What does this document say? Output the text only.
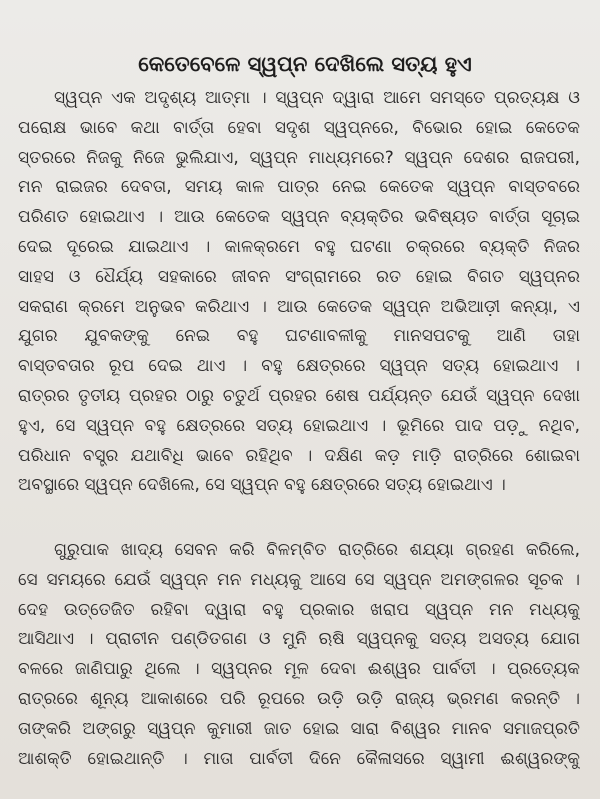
କେତେବେଳେ ସ୍ୱପ୍ନ ଦେଖିଲେ ସତ୍ୟ ହୁଏ
ସ୍ୱପ୍ନ ଏକ ଅଦୃଶ୍ୟ ଆତ୍ମା । ସ୍ୱପ୍ନ ଦ୍ୱାରା ଆମେ ସମସ୍ତେ ପ୍ରତ୍ୟକ୍ଷ ଓ
ପରୋକ୍ଷ ଭାବେ କଥା ବାର୍ତ୍ତା ହେବା ସଦୃଶ ସ୍ୱପ୍ନରେ, ବିଭୋର ହୋଇ କେତେକ
ସ୍ତରରେ ନିଜକୁ ନିଜେ ଭୁଲିଯାଏ, ସ୍ୱପ୍ନ ମାଧ୍ୟମରେ? ସ୍ୱପ୍ନ ଦେଶର ରାଜପରୀ,
ମନ ରାଇଜର ଦେବତା, ସମୟ କାଳ ପାତ୍ର ନେଇ କେତେକ ସ୍ୱପ୍ନ ବାସ୍ତବରେ
ପରିଣତ ହୋଇଥାଏ । ଆଉ କେତେକ ସ୍ୱପ୍ନ ବ୍ୟକ୍ତିର ଭବିଷ୍ୟତ ବାର୍ତ୍ତା ସୂଚାଇ
ଦେଇ ଦୂରେଇ ଯାଇଥାଏ । କାଳକ୍ରମେ ବହୁ ଘଟଣା ଚକ୍ରରେ ବ୍ୟକ୍ତି ନିଜର
ସାହସ ଓ ଧୈର୍ଯ୍ୟ ସହକାରେ ଜୀବନ ସଂଗ୍ରାମରେ ରତ ହୋଇ ବିଗତ ସ୍ୱପ୍ନର
ସକରାଣ କ୍ରମେ ଅନୁଭବ କରିଥାଏ । ଆଉ କେତେକ ସ୍ୱପ୍ନ ଅଭିଆଡ଼ୀ କନ୍ୟା, ଏ
ଯୁଗର ଯୁବକଙ୍କୁ ନେଇ ବହୁ ଘଟଣାବଳୀକୁ ମାନସପଟକୁ ଆଣି ତାହା
ବାସ୍ତବତାର ରୂପ ଦେଇ ଥାଏ । ବହୁ କ୍ଷେତ୍ରରେ ସ୍ୱପ୍ନ ସତ୍ୟ ହୋଇଥାଏ ।
ରାତ୍ରର ତୃତୀୟ ପ୍ରହର ଠାରୁ ଚତୁର୍ଥ ପ୍ରହର ଶେଷ ପର୍ଯ୍ୟନ୍ତ ଯେଉଁ ସ୍ୱପ୍ନ ଦେଖା
ହୁଏ, ସେ ସ୍ୱପ୍ନ ବହୁ କ୍ଷେତ୍ରରେ ସତ୍ୟ ହୋଇଥାଏ । ଭୂମିରେ ପାଦ ପଡ଼ୁ ନଥିବ,
ପରିଧାନ ବସ୍ତ୍ର ଯଥାବିଧି ଭାବେ ରହିଥିବ । ଦକ୍ଷିଣ କଡ଼ ମାଡ଼ି ରାତ୍ରିରେ ଶୋଇବା
ଅବସ୍ଥାରେ ସ୍ୱପ୍ନ ଦେଖିଲେ, ସେ ସ୍ୱପ୍ନ ବହୁ କ୍ଷେତ୍ରରେ ସତ୍ୟ ହୋଇଥାଏ ।
ଗୁରୁପାକ ଖାଦ୍ୟ ସେବନ କରି ବିଳମ୍ବିତ ରାତ୍ରିରେ ଶଯ୍ୟା ଗ୍ରହଣ କରିଲେ,
ସେ ସମୟରେ ଯେଉଁ ସ୍ୱପ୍ନ ମନ ମଧ୍ୟକୁ ଆସେ ସେ ସ୍ୱପ୍ନ ଅମଙ୍ଗଳର ସୂଚକ ।
ଦେହ ଉତ୍ତେଜିତ ରହିବା ଦ୍ୱାରା ବହୁ ପ୍ରକାର ଖରାପ ସ୍ୱପ୍ନ ମନ ମଧ୍ୟକୁ
ଆସିଥାଏ । ପ୍ରାଚୀନ ପଣ୍ଡିତଗଣ ଓ ମୁନି ଋଷି ସ୍ୱପ୍ନକୁ ସତ୍ୟ ଅସତ୍ୟ ଯୋଗ
ବଳରେ ଜାଣିପାରୁ ଥିଲେ । ସ୍ୱପ୍ନର ମୂଳ ଦେବା ଈଶ୍ୱର ପାର୍ବତୀ । ପ୍ରତ୍ୟେକ
ରାତ୍ରରେ ଶୂନ୍ୟ ଆକାଶରେ ପରି ରୂପରେ ଉଡ଼ି ଉଡ଼ି ରାଜ୍ୟ ଭ୍ରମଣ କରନ୍ତି ।
ତାଙ୍କରି ଅଙ୍ଗରୁ ସ୍ୱପ୍ନ କୁମାରୀ ଜାତ ହୋଇ ସାରା ବିଶ୍ୱର ମାନବ ସମାଜପ୍ରତି
ଆଶକ୍ତି ହୋଇଥାନ୍ତି । ମାତା ପାର୍ବତୀ ଦିନେ କୈଳାସରେ ସ୍ୱାମୀ ଈଶ୍ୱରଙ୍କୁ
